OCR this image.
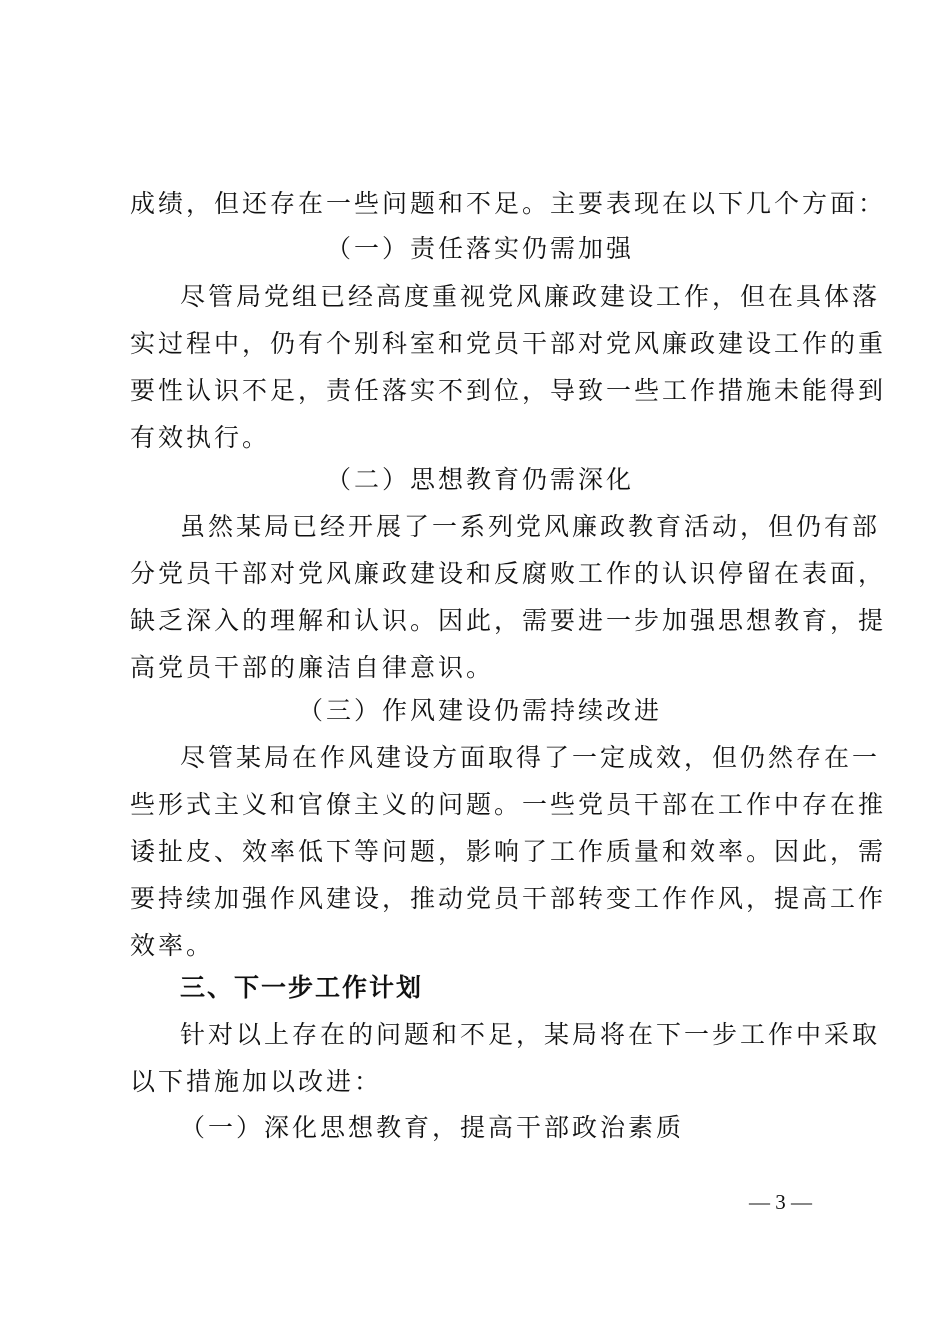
成绩，但还存在一些问题和不足。主要表现在以下几个方面：
（一）责任落实仍需加强
尽管局党组已经高度重视党风廉政建设工作，但在具体落
实过程中，仍有个别科室和党员干部对党风廉政建设工作的重
要性认识不足，责任落实不到位，导致一些工作措施未能得到
有效执行。
（二）思想教育仍需深化
虽然某局已经开展了一系列党风廉政教育活动，但仍有部
分党员干部对党风廉政建设和反腐败工作的认识停留在表面，
缺乏深入的理解和认识。因此，需要进一步加强思想教育，提
高党员干部的廉洁自律意识。
（三）作风建设仍需持续改进
尽管某局在作风建设方面取得了一定成效，但仍然存在一
些形式主义和官僚主义的问题。一些党员干部在工作中存在推
诿扯皮、效率低下等问题，影响了工作质量和效率。因此，需
要持续加强作风建设，推动党员干部转变工作作风，提高工作
效率。
三、下一步工作计划
针对以上存在的问题和不足，某局将在下一步工作中采取
以下措施加以改进：
（一）深化思想教育，提高干部政治素质
— 3 —
